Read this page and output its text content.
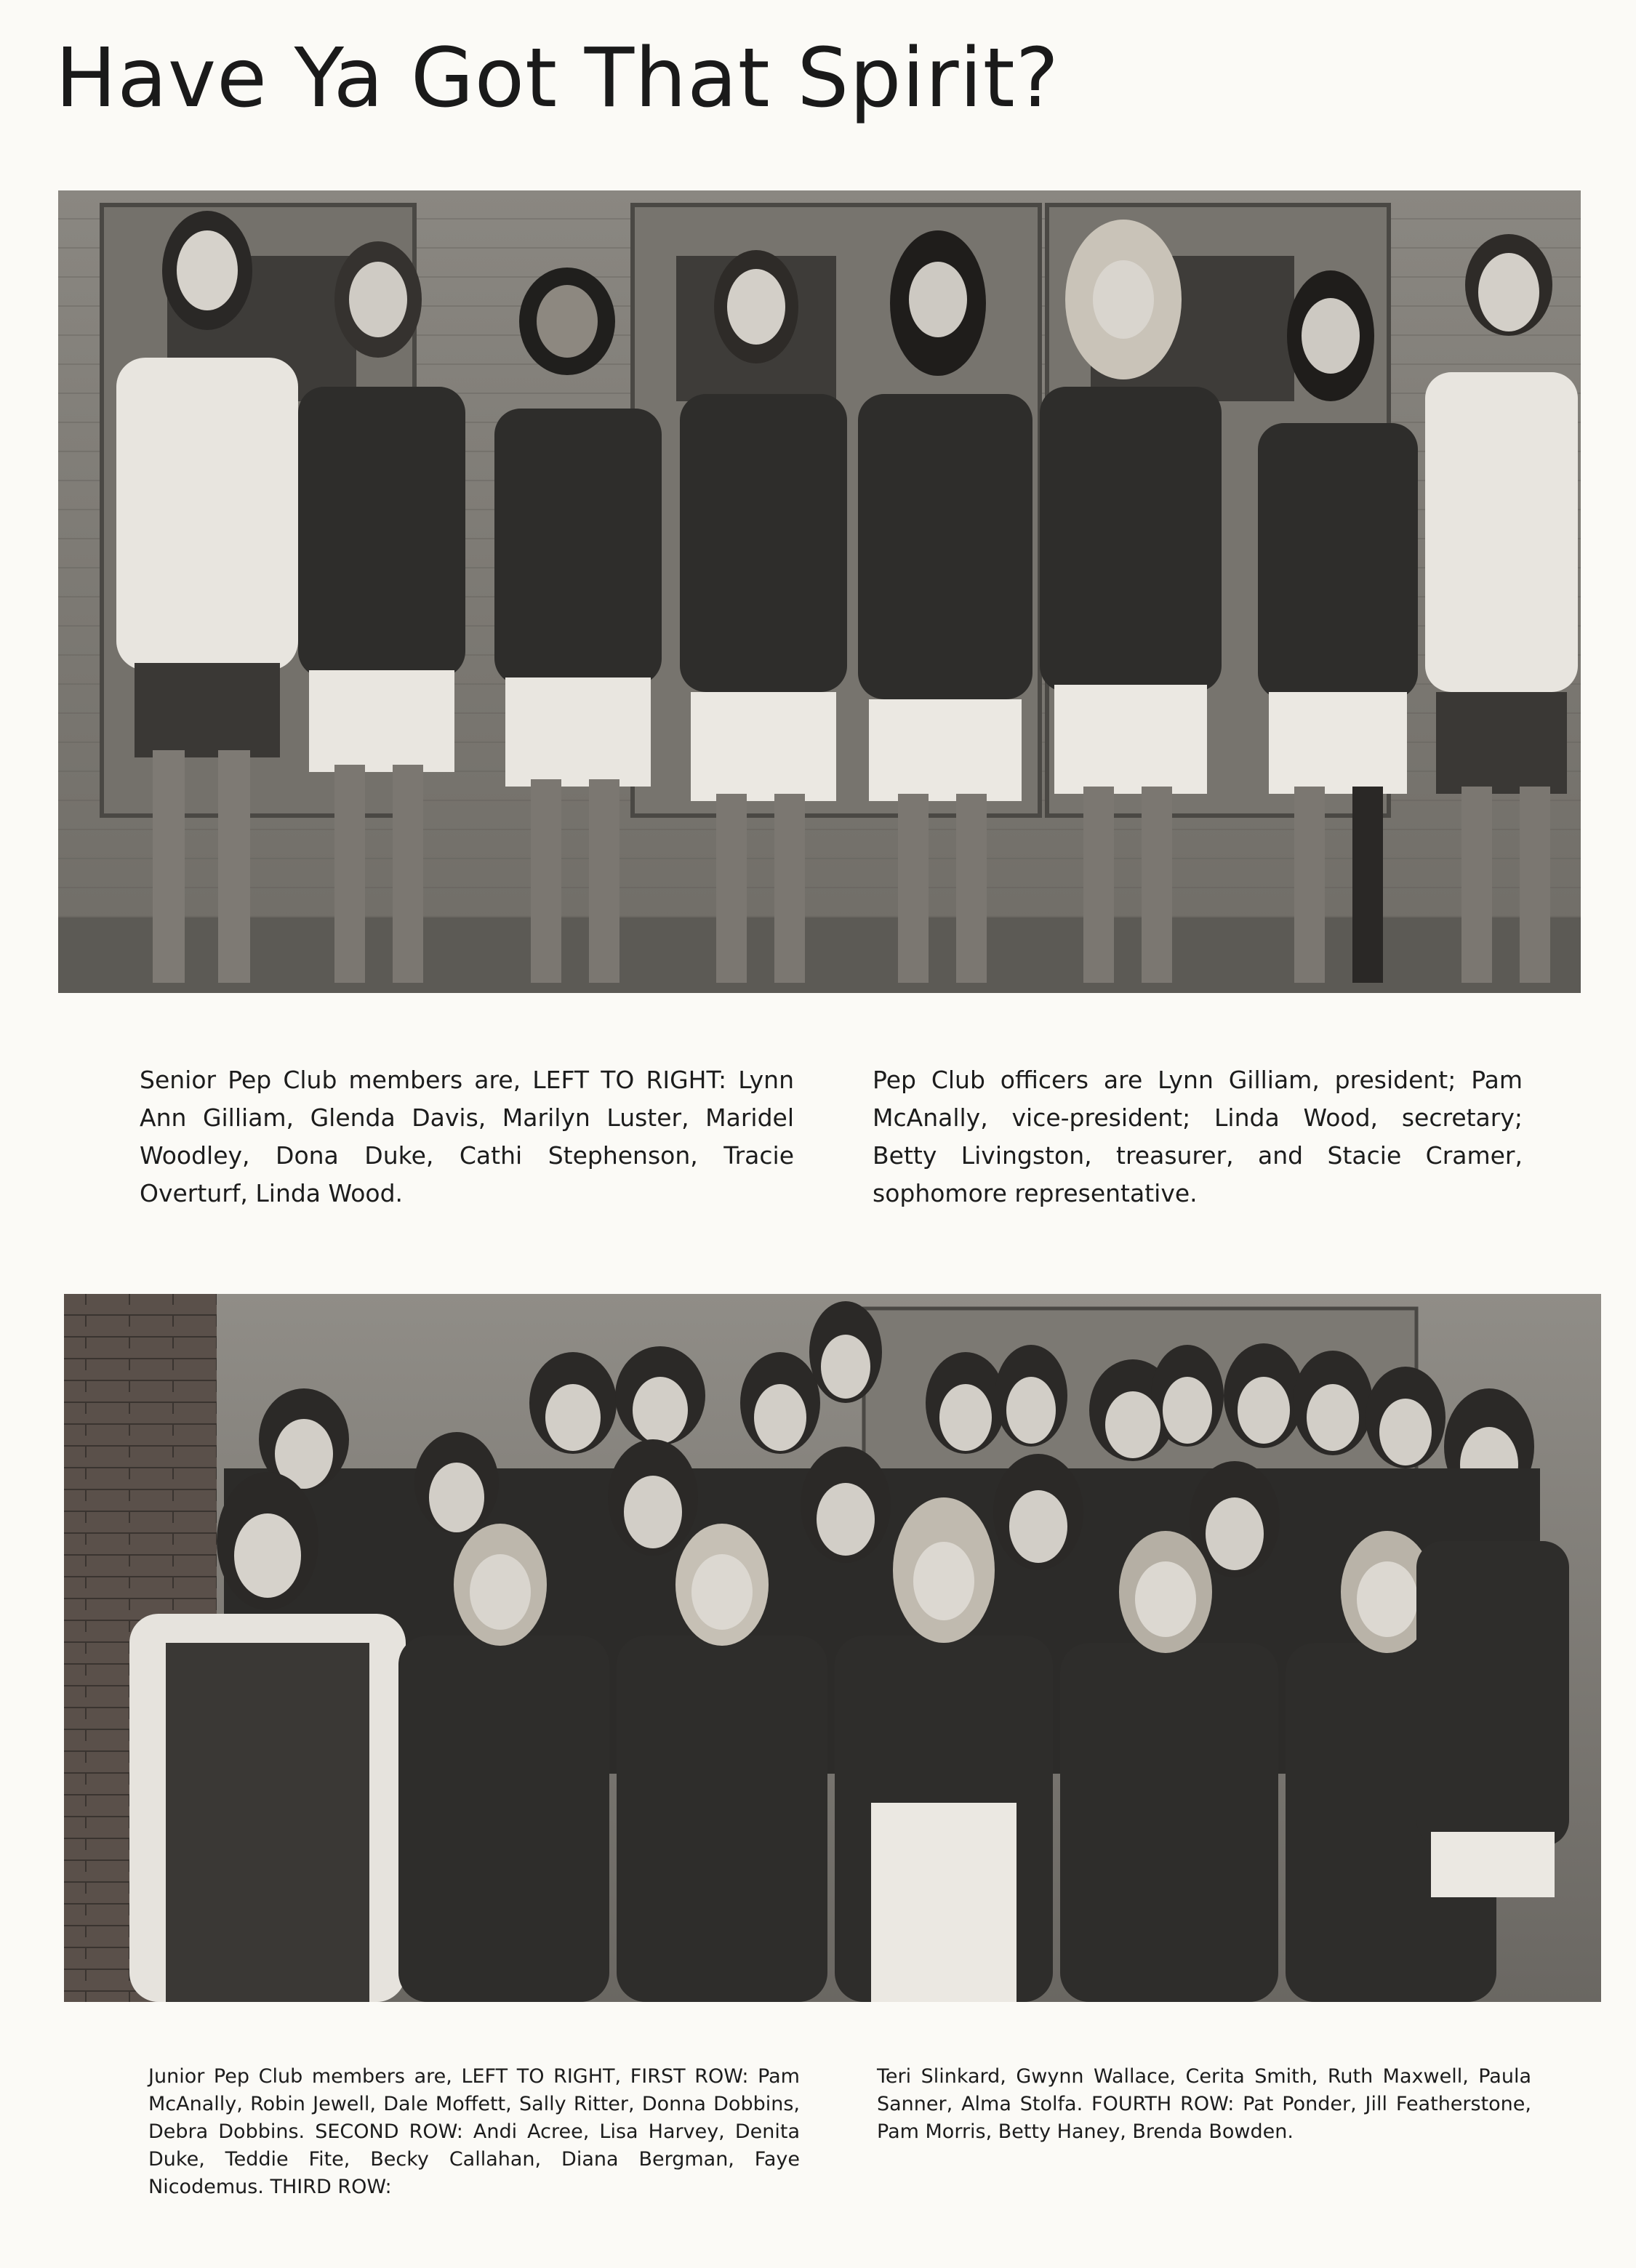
Have Ya Got That Spirit?

Senior Pep Club members are, LEFT TO RIGHT: Lynn Ann Gilliam, Glenda Davis, Marilyn Luster, Maridel Woodley, Dona Duke, Cathi Stephenson, Tracie Overturf, Linda Wood.

Pep Club officers are Lynn Gilliam, president; Pam McAnally, vice-president; Linda Wood, secretary; Betty Livingston, treasurer, and Stacie Cramer, sophomore representative.

Junior Pep Club members are, LEFT TO RIGHT, FIRST ROW: Pam McAnally, Robin Jewell, Dale Moffett, Sally Ritter, Donna Dobbins, Debra Dobbins. SECOND ROW: Andi Acree, Lisa Harvey, Denita Duke, Teddie Fite, Becky Callahan, Diana Bergman, Faye Nicodemus. THIRD ROW:

Teri Slinkard, Gwynn Wallace, Cerita Smith, Ruth Maxwell, Paula Sanner, Alma Stolfa. FOURTH ROW: Pat Ponder, Jill Featherstone, Pam Morris, Betty Haney, Brenda Bowden.
